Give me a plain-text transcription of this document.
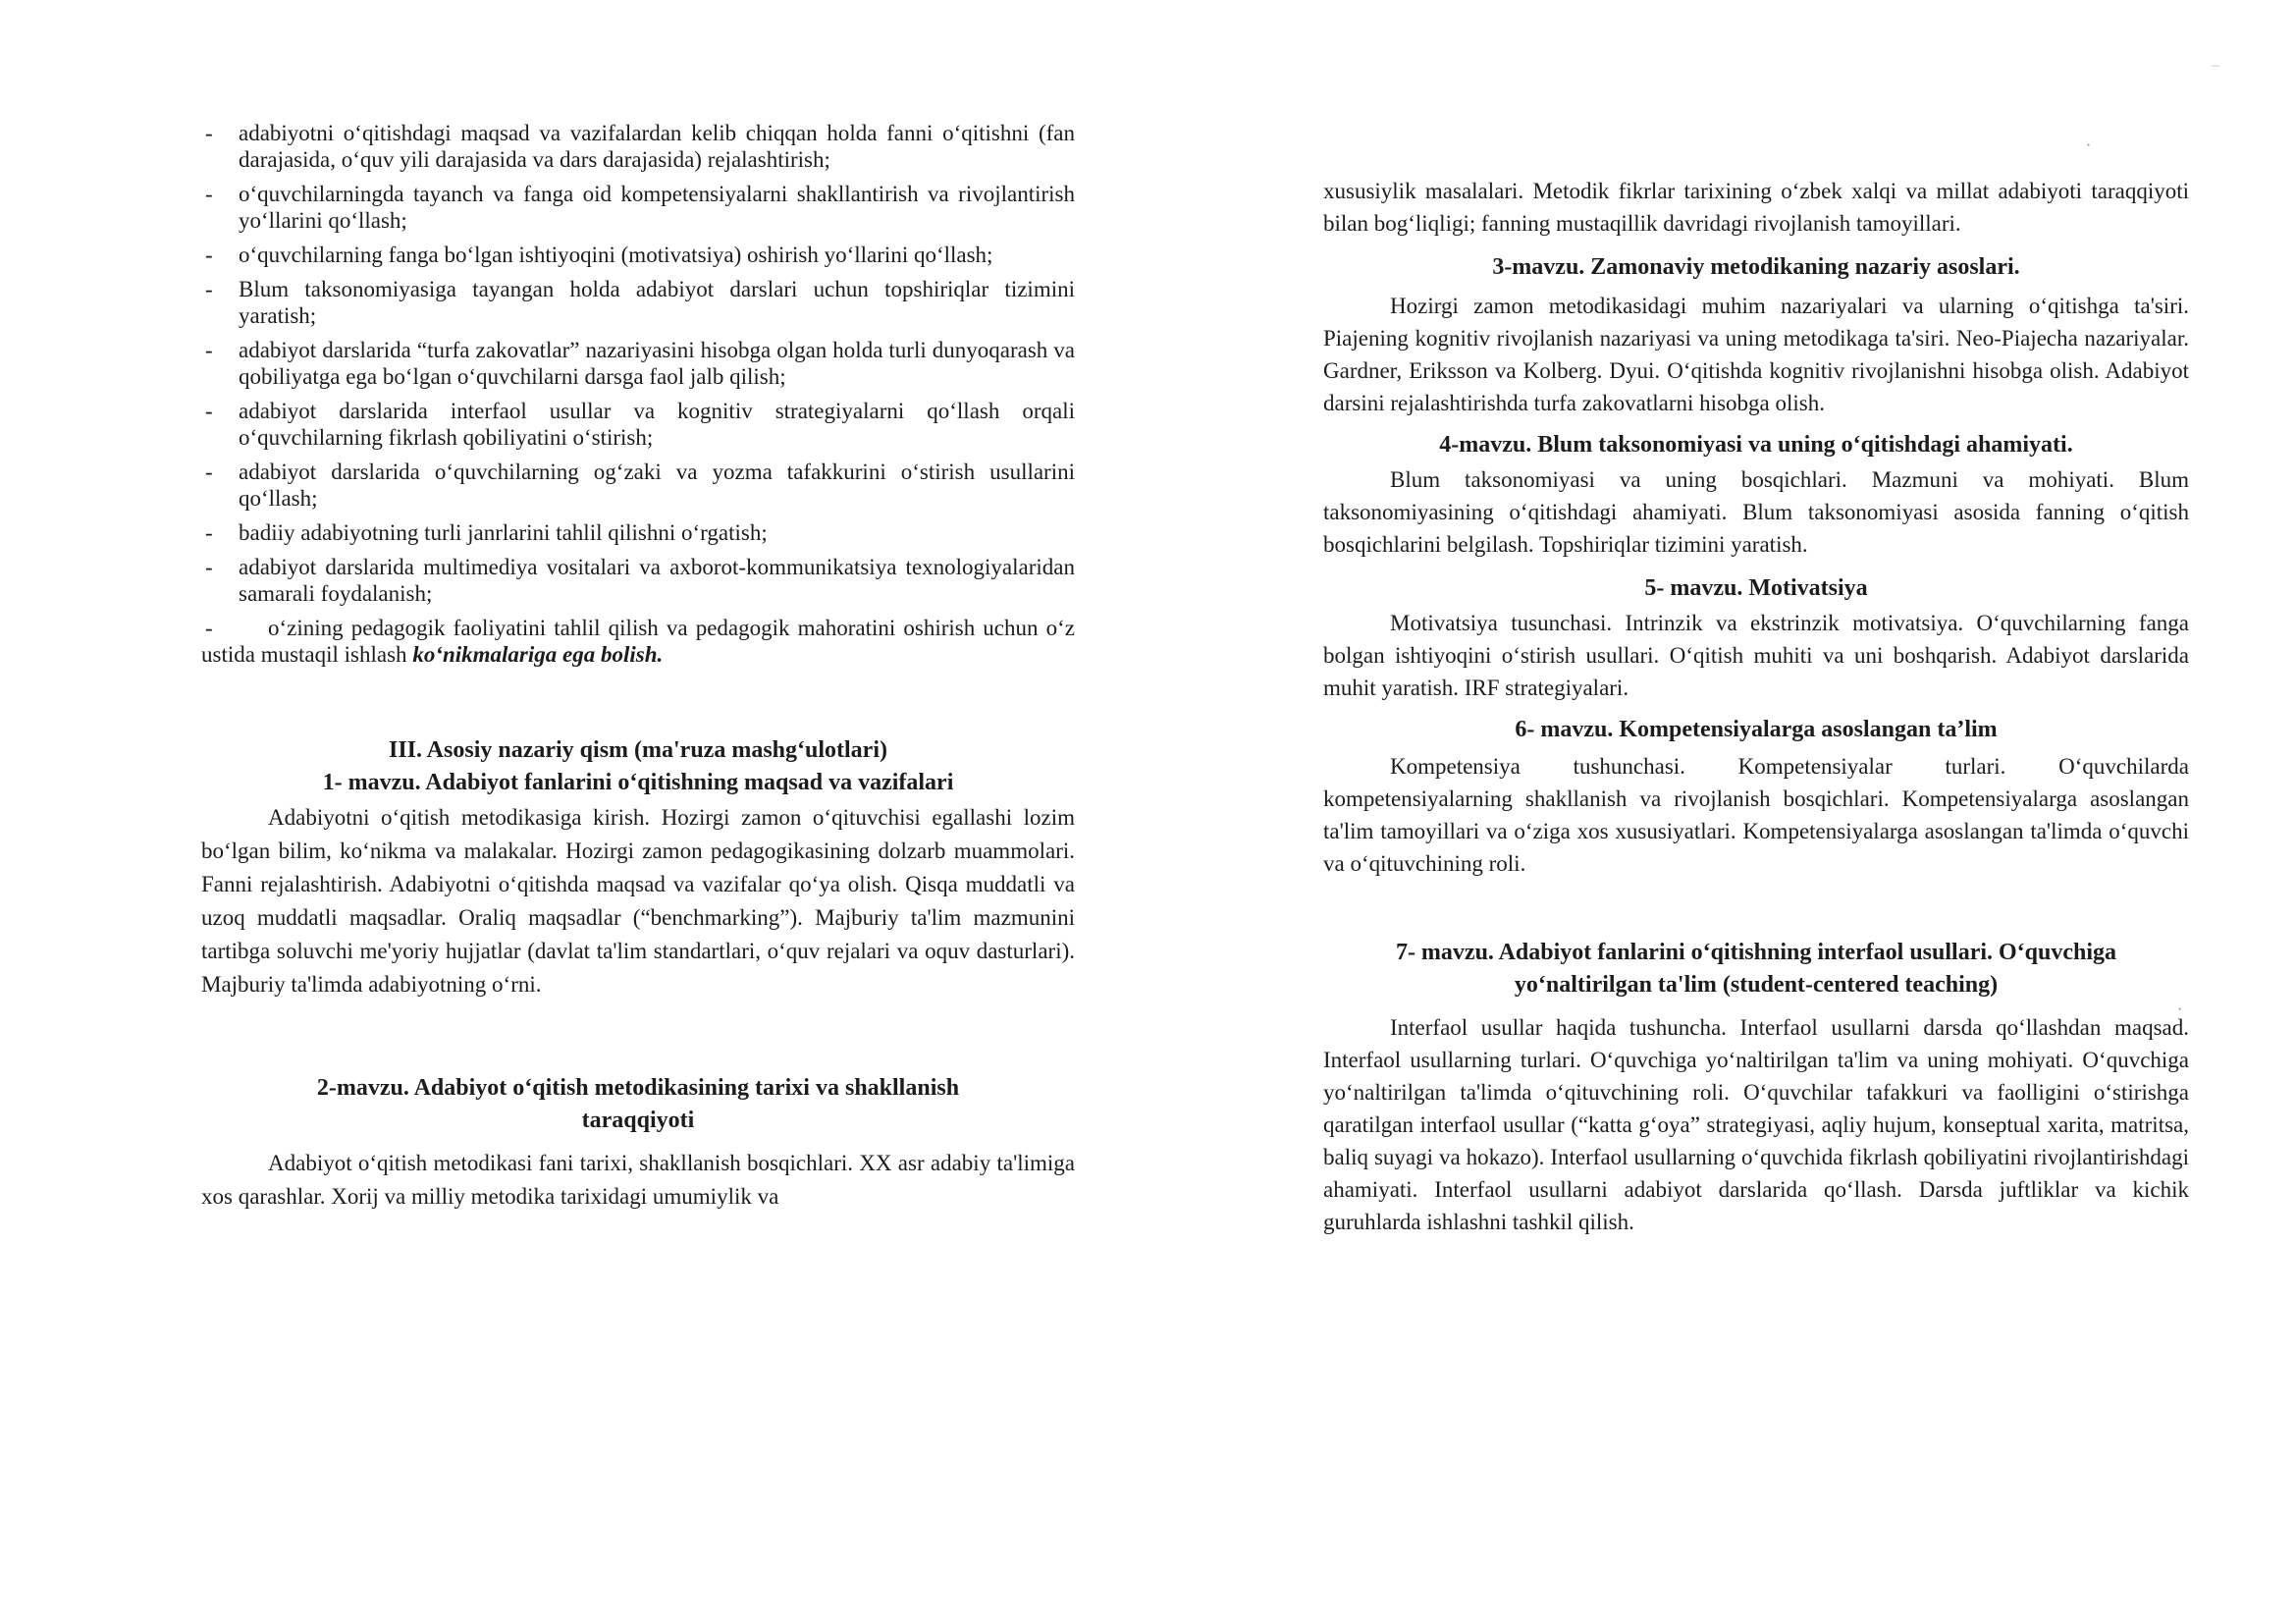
- adabiyotni o‘qitishdagi maqsad va vazifalardan kelib chiqqan holda fanni o‘qitishni (fan darajasida, o‘quv yili darajasida va dars darajasida) rejalashtirish;
- o‘quvchilarningda tayanch va fanga oid kompetensiyalarni shakllantirish va rivojlantirish yo‘llarini qo‘llash;
- o‘quvchilarning fanga bo‘lgan ishtiyoqini (motivatsiya) oshirish yo‘llarini qo‘llash;
- Blum taksonomiyasiga tayangan holda adabiyot darslari uchun topshiriqlar tizimini yaratish;
- adabiyot darslarida “turfa zakovatlar” nazariyasini hisobga olgan holda turli dunyoqarash va qobiliyatga ega bo‘lgan o‘quvchilarni darsga faol jalb qilish;
- adabiyot darslarida interfaol usullar va kognitiv strategiyalarni qo‘llash orqali o‘quvchilarning fikrlash qobiliyatini o‘stirish;
- adabiyot darslarida o‘quvchilarning og‘zaki va yozma tafakkurini o‘stirish usullarini qo‘llash;
- badiiy adabiyotning turli janrlarini tahlil qilishni o‘rgatish;
- adabiyot darslarida multimediya vositalari va axborot-kommunikatsiya texnologiyalaridan samarali foydalanish;
- o‘zining pedagogik faoliyatini tahlil qilish va pedagogik mahoratini oshirish uchun o‘z ustida mustaqil ishlash ko‘nikmalariga ega bolish.
III. Asosiy nazariy qism (ma'ruza mashg‘ulotlari)
1- mavzu. Adabiyot fanlarini o‘qitishning maqsad va vazifalari

Adabiyotni o‘qitish metodikasiga kirish. Hozirgi zamon o‘qituvchisi egallashi lozim bo‘lgan bilim, ko‘nikma va malakalar. Hozirgi zamon pedagogikasining dolzarb muammolari. Fanni rejalashtirish. Adabiyotni o‘qitishda maqsad va vazifalar qo‘ya olish. Qisqa muddatli va uzoq muddatli maqsadlar. Oraliq maqsadlar (“benchmarking”). Majburiy ta'lim mazmunini tartibga soluvchi me'yoriy hujjatlar (davlat ta'lim standartlari, o‘quv rejalari va oquv dasturlari). Majburiy ta'limda adabiyotning o‘rni.

2-mavzu. Adabiyot o‘qitish metodikasining tarixi va shakllanish taraqqiyoti

Adabiyot o‘qitish metodikasi fani tarixi, shakllanish bosqichlari. XX asr adabiy ta'limiga xos qarashlar. Xorij va milliy metodika tarixidagi umumiylik va

xususiylik masalalari. Metodik fikrlar tarixining o‘zbek xalqi va millat adabiyoti taraqqiyoti bilan bog‘liqligi; fanning mustaqillik davridagi rivojlanish tamoyillari.

3-mavzu. Zamonaviy metodikaning nazariy asoslari.

Hozirgi zamon metodikasidagi muhim nazariyalari va ularning o‘qitishga ta'siri. Piajening kognitiv rivojlanish nazariyasi va uning metodikaga ta'siri. Neo-Piajecha nazariyalar. Gardner, Eriksson va Kolberg. Dyui. O‘qitishda kognitiv rivojlanishni hisobga olish. Adabiyot darsini rejalashtirishda turfa zakovatlarni hisobga olish.

4-mavzu. Blum taksonomiyasi va uning o‘qitishdagi ahamiyati.

Blum taksonomiyasi va uning bosqichlari. Mazmuni va mohiyati. Blum taksonomiyasining o‘qitishdagi ahamiyati. Blum taksonomiyasi asosida fanning o‘qitish bosqichlarini belgilash. Topshiriqlar tizimini yaratish.

5- mavzu. Motivatsiya

Motivatsiya tusunchasi. Intrinzik va ekstrinzik motivatsiya. O‘quvchilarning fanga bolgan ishtiyoqini o‘stirish usullari. O‘qitish muhiti va uni boshqarish. Adabiyot darslarida muhit yaratish. IRF strategiyalari.

6- mavzu. Kompetensiyalarga asoslangan ta’lim

Kompetensiya tushunchasi. Kompetensiyalar turlari. O‘quvchilarda kompetensiyalarning shakllanish va rivojlanish bosqichlari. Kompetensiyalarga asoslangan ta'lim tamoyillari va o‘ziga xos xususiyatlari. Kompetensiyalarga asoslangan ta'limda o‘quvchi va o‘qituvchining roli.

7- mavzu. Adabiyot fanlarini o‘qitishning interfaol usullari. O‘quvchiga yo‘naltirilgan ta'lim (student-centered teaching)

Interfaol usullar haqida tushuncha. Interfaol usullarni darsda qo‘llashdan maqsad. Interfaol usullarning turlari. O‘quvchiga yo‘naltirilgan ta'lim va uning mohiyati. O‘quvchiga yo‘naltirilgan ta'limda o‘qituvchining roli. O‘quvchilar tafakkuri va faolligini o‘stirishga qaratilgan interfaol usullar (“katta g‘oya” strategiyasi, aqliy hujum, konseptual xarita, matritsa, baliq suyagi va hokazo). Interfaol usullarning o‘quvchida fikrlash qobiliyatini rivojlantirishdagi ahamiyati. Interfaol usullarni adabiyot darslarida qo‘llash. Darsda juftliklar va kichik guruhlarda ishlashni tashkil qilish.

–
·
·
